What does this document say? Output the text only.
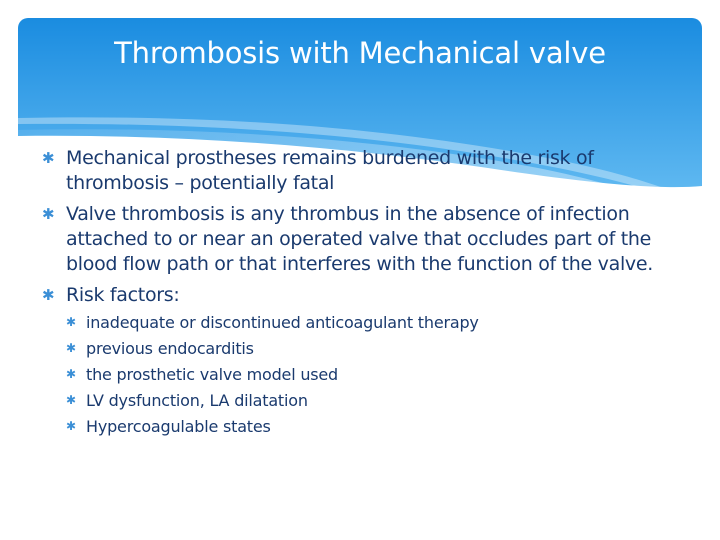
Thrombosis with Mechanical valve
✱ Mechanical prostheses remains burdened with the risk of thrombosis – potentially fatal
✱ Valve thrombosis is any thrombus in the absence of infection attached to or near an operated valve that occludes part of the blood flow path or that interferes with the function of the valve.
✱ Risk factors:
✱ inadequate or discontinued anticoagulant therapy
✱ previous endocarditis
✱ the prosthetic valve model used
✱ LV dysfunction, LA dilatation
✱ Hypercoagulable states
